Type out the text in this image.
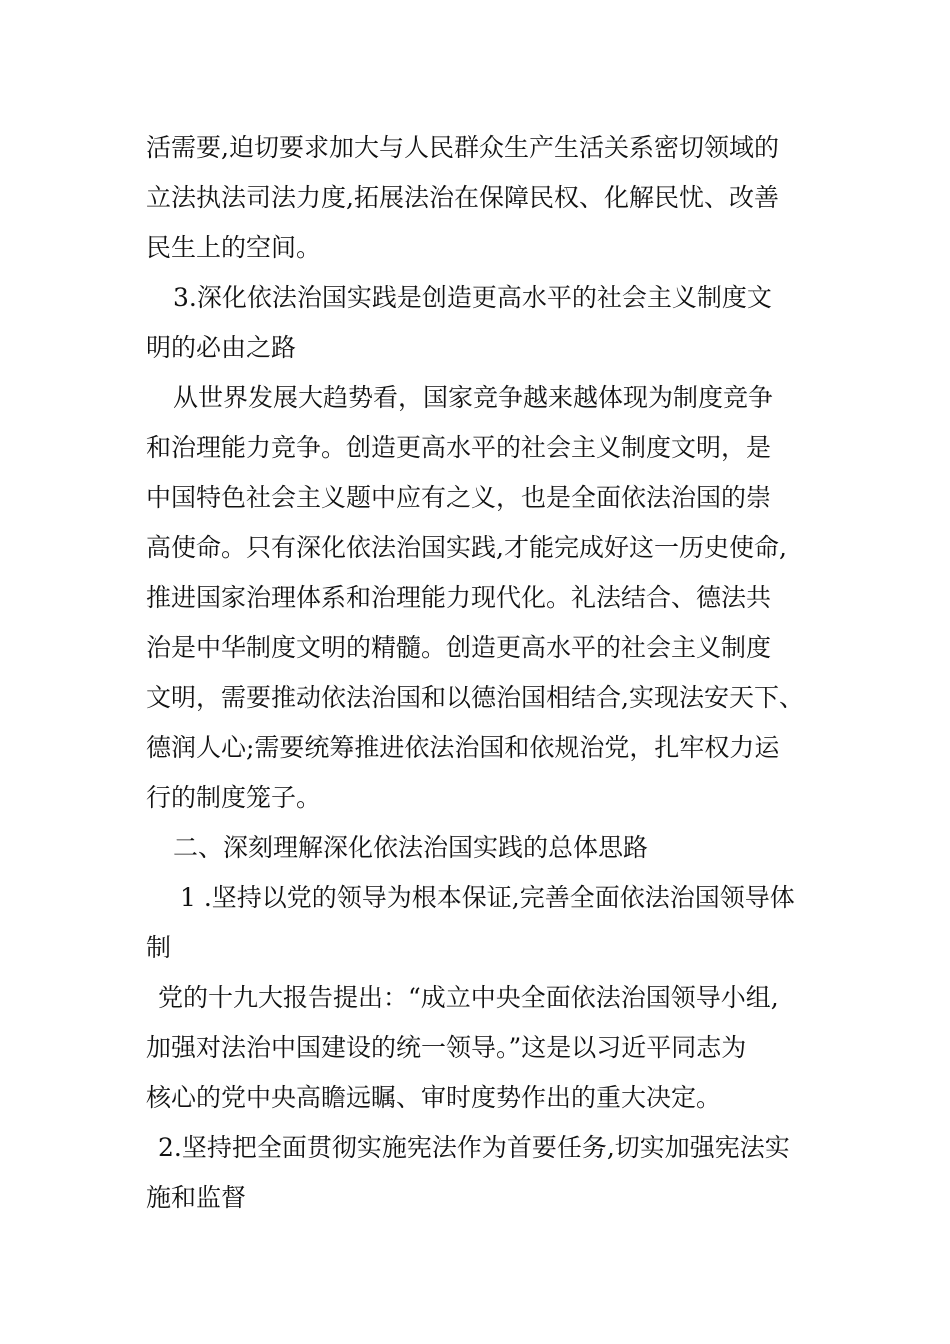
活需要,迫切要求加大与人民群众生产生活关系密切领域的
立法执法司法力度,拓展法治在保障民权、化解民忧、改善
民生上的空间。
3.深化依法治国实践是创造更高水平的社会主义制度文
明的必由之路
从世界发展大趋势看，国家竞争越来越体现为制度竞争
和治理能力竞争。创造更高水平的社会主义制度文明，是
中国特色社会主义题中应有之义，也是全面依法治国的崇
高使命。只有深化依法治国实践,才能完成好这一历史使命,
推进国家治理体系和治理能力现代化。礼法结合、德法共
治是中华制度文明的精髓。创造更高水平的社会主义制度
文明，需要推动依法治国和以德治国相结合,实现法安天下、
德润人心;需要统筹推进依法治国和依规治党，扎牢权力运
行的制度笼子。
二、深刻理解深化依法治国实践的总体思路
1 .坚持以党的领导为根本保证,完善全面依法治国领导体
制
党的十九大报告提出：“成立中央全面依法治国领导小组,
加强对法治中国建设的统一领导。”这是以习近平同志为
核心的党中央高瞻远瞩、审时度势作出的重大决定。
2.坚持把全面贯彻实施宪法作为首要任务,切实加强宪法实
施和监督
